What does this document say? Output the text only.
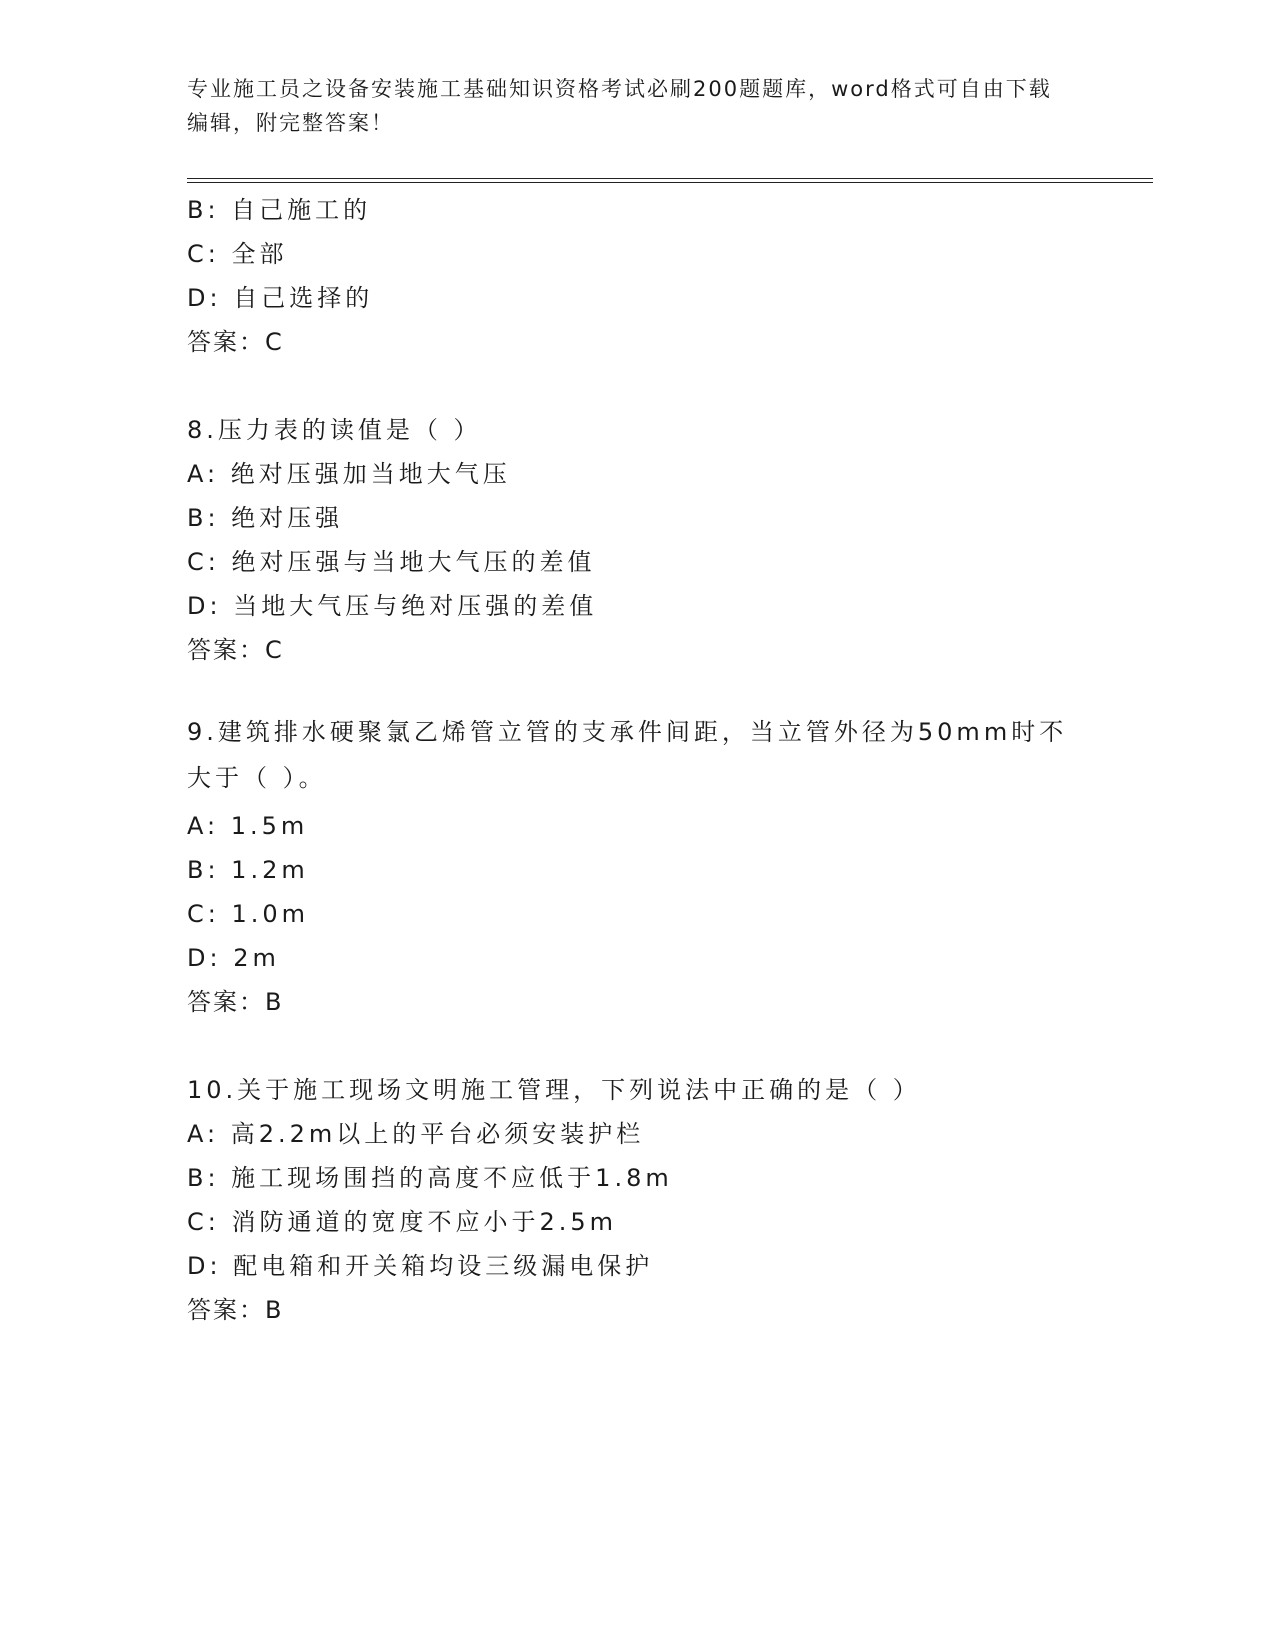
专业施工员之设备安装施工基础知识资格考试必刷200题题库，word格式可自由下载编辑，附完整答案！

B: 自己施工的

C: 全部

D: 自己选择的

答案：C

8.压力表的读值是（ ）

A: 绝对压强加当地大气压

B: 绝对压强

C: 绝对压强与当地大气压的差值

D: 当地大气压与绝对压强的差值

答案：C

9.建筑排水硬聚氯乙烯管立管的支承件间距，当立管外径为50mm时不大于（ ）。

A: 1.5m

B: 1.2m

C: 1.0m

D: 2m

答案：B

10.关于施工现场文明施工管理，下列说法中正确的是（ ）

A: 高2.2m以上的平台必须安装护栏

B: 施工现场围挡的高度不应低于1.8m

C: 消防通道的宽度不应小于2.5m

D: 配电箱和开关箱均设三级漏电保护

答案：B
